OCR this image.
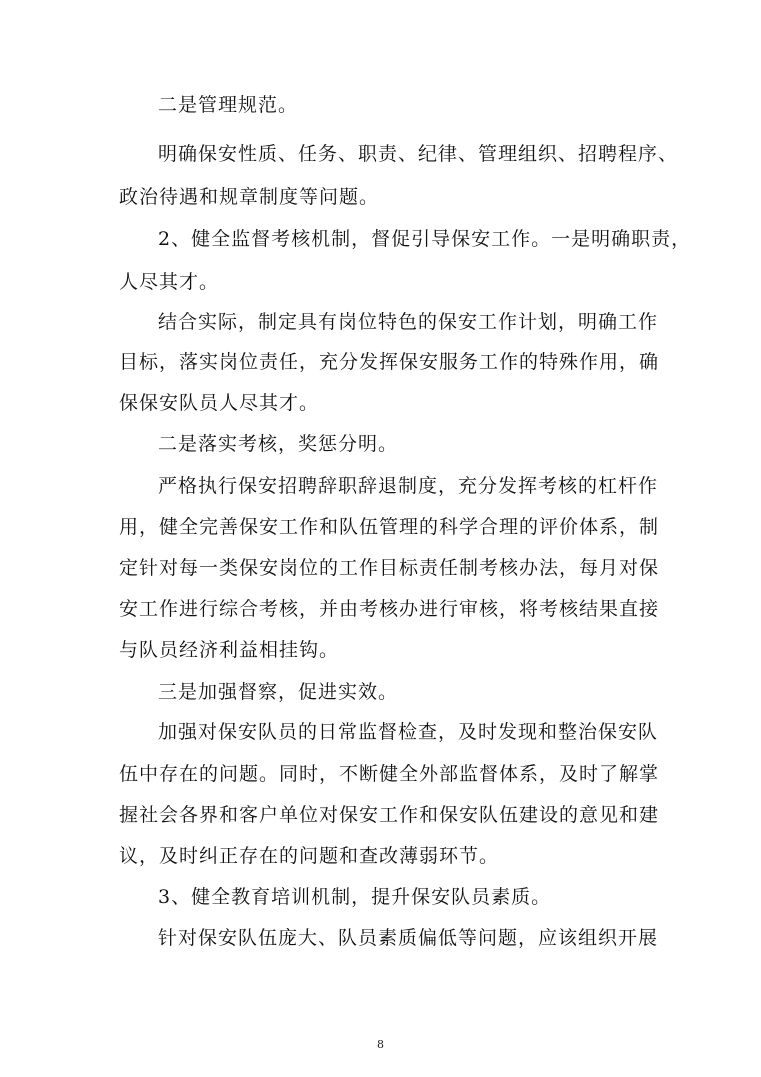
二是管理规范。
明确保安性质、任务、职责、纪律、管理组织、招聘程序、
政治待遇和规章制度等问题。
2、健全监督考核机制，督促引导保安工作。一是明确职责，
人尽其才。
结合实际，制定具有岗位特色的保安工作计划，明确工作
目标，落实岗位责任，充分发挥保安服务工作的特殊作用，确
保保安队员人尽其才。
二是落实考核，奖惩分明。
严格执行保安招聘辞职辞退制度，充分发挥考核的杠杆作
用，健全完善保安工作和队伍管理的科学合理的评价体系，制
定针对每一类保安岗位的工作目标责任制考核办法，每月对保
安工作进行综合考核，并由考核办进行审核，将考核结果直接
与队员经济利益相挂钩。
三是加强督察，促进实效。
加强对保安队员的日常监督检查，及时发现和整治保安队
伍中存在的问题。同时，不断健全外部监督体系，及时了解掌
握社会各界和客户单位对保安工作和保安队伍建设的意见和建
议，及时纠正存在的问题和查改薄弱环节。
3、健全教育培训机制，提升保安队员素质。
针对保安队伍庞大、队员素质偏低等问题，应该组织开展
8
